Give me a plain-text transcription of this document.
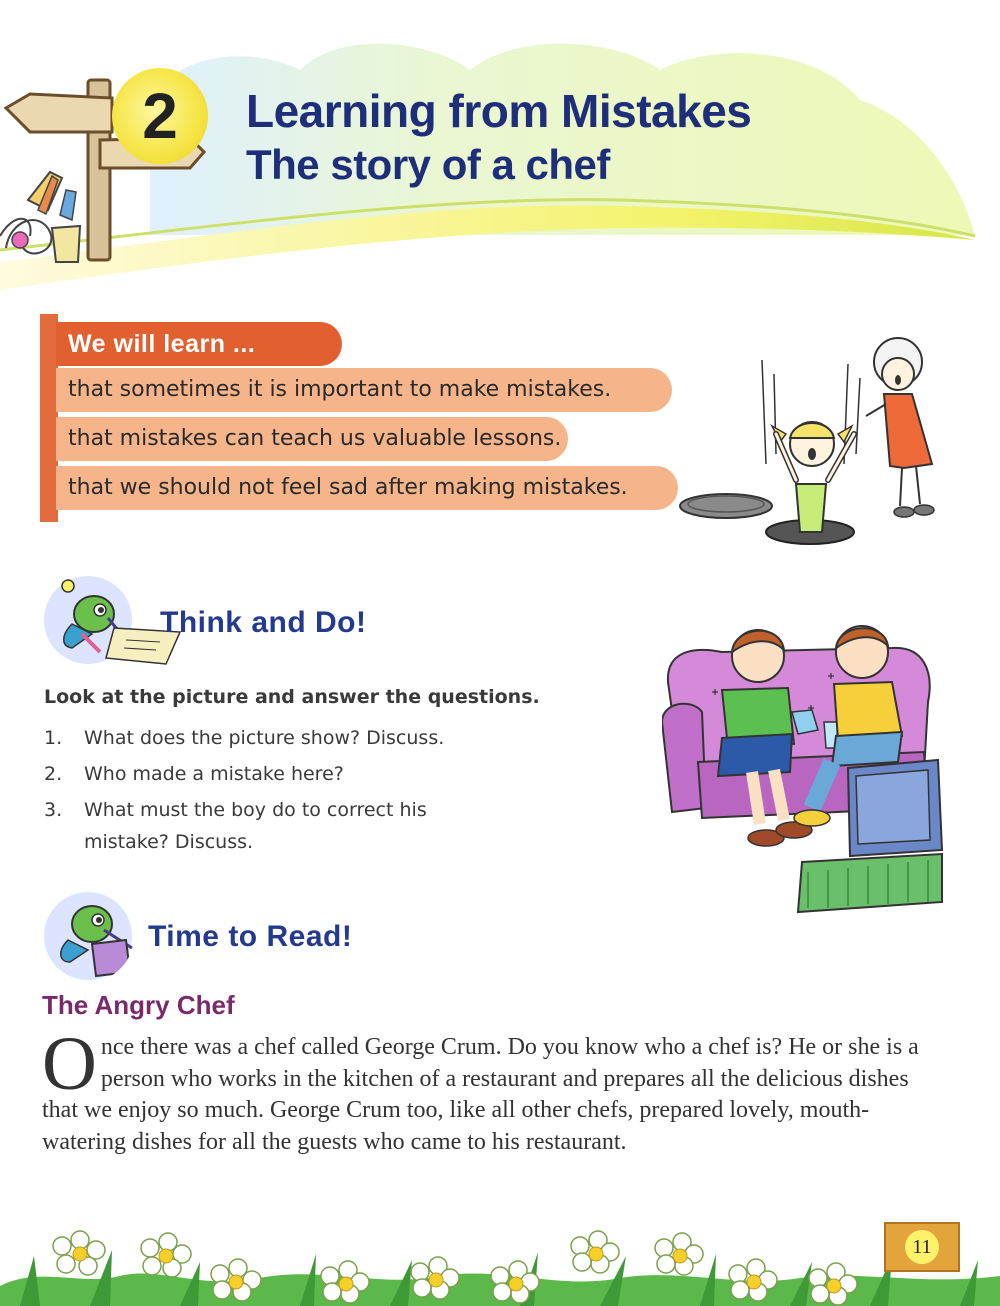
2 Learning from Mistakes
The story of a chef
We will learn ...
that sometimes it is important to make mistakes.
that mistakes can teach us valuable lessons.
that we should not feel sad after making mistakes.
Think and Do!
Look at the picture and answer the questions.
1. What does the picture show? Discuss.
2. Who made a mistake here?
3. What must the boy do to correct his mistake? Discuss.
Time to Read!
The Angry Chef
Once there was a chef called George Crum. Do you know who a chef is? He or she is a person who works in the kitchen of a restaurant and prepares all the delicious dishes that we enjoy so much. George Crum too, like all other chefs, prepared lovely, mouth-watering dishes for all the guests who came to his restaurant.
11
